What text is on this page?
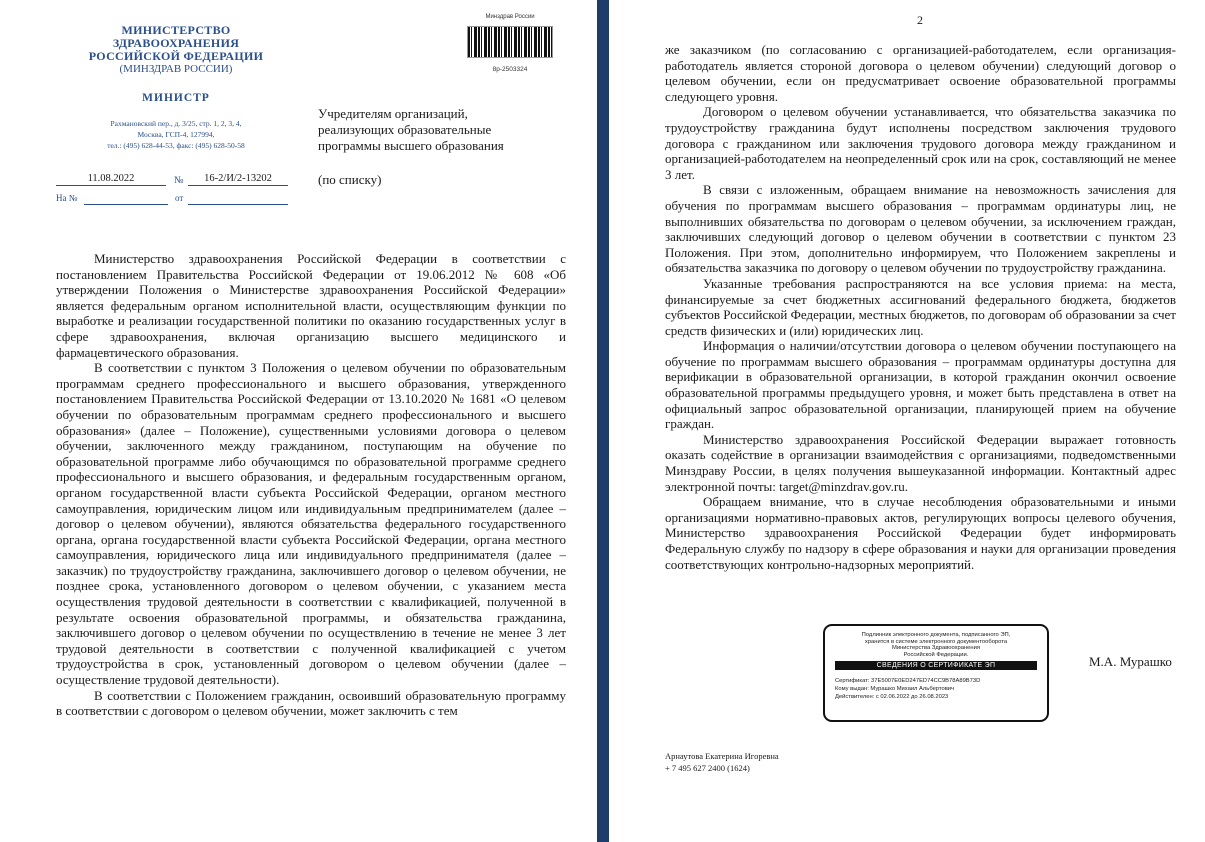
МИНИСТЕРСТВО
ЗДРАВООХРАНЕНИЯ
РОССИЙСКОЙ ФЕДЕРАЦИИ
(МИНЗДРАВ РОССИИ)
МИНИСТР
Рахмановский пер., д. 3/25, стр. 1, 2, 3, 4,
Москва, ГСП-4, 127994,
тел.: (495) 628-44-53, факс: (495) 628-50-58
11.08.2022	№	16-2/И/2-13202
На №	от
Минздрав России
8р-2503324
Учредителям организаций,
реализующих образовательные
программы высшего образования
(по списку)

Министерство здравоохранения Российской Федерации в соответствии с постановлением Правительства Российской Федерации от 19.06.2012 № 608 «Об утверждении Положения о Министерстве здравоохранения Российской Федерации» является федеральным органом исполнительной власти, осуществляющим функции по выработке и реализации государственной политики по оказанию государственных услуг в сфере здравоохранения, включая организацию высшего медицинского и фармацевтического образования.

В соответствии с пунктом 3 Положения о целевом обучении по образовательным программам среднего профессионального и высшего образования, утвержденного постановлением Правительства Российской Федерации от 13.10.2020 № 1681 «О целевом обучении по образовательным программам среднего профессионального и высшего образования» (далее – Положение), существенными условиями договора о целевом обучении, заключенного между гражданином, поступающим на обучение по образовательной программе либо обучающимся по образовательной программе среднего профессионального и высшего образования, и федеральным государственным органом, органом государственной власти субъекта Российской Федерации, органом местного самоуправления, юридическим лицом или индивидуальным предпринимателем (далее – договор о целевом обучении), являются обязательства федерального государственного органа, органа государственной власти субъекта Российской Федерации, органа местного самоуправления, юридического лица или индивидуального предпринимателя (далее – заказчик) по трудоустройству гражданина, заключившего договор о целевом обучении, не позднее срока, установленного договором о целевом обучении, с указанием места осуществления трудовой деятельности в соответствии с квалификацией, полученной в результате освоения образовательной программы, и обязательства гражданина, заключившего договор о целевом обучении по осуществлению в течение не менее 3 лет трудовой деятельности в соответствии с полученной квалификацией с учетом трудоустройства в срок, установленный договором о целевом обучении (далее – осуществление трудовой деятельности).

В соответствии с Положением гражданин, освоивший образовательную программу в соответствии с договором о целевом обучении, может заключить с тем

2

же заказчиком (по согласованию с организацией-работодателем, если организация-работодатель является стороной договора о целевом обучении) следующий договор о целевом обучении, если он предусматривает освоение образовательной программы следующего уровня.

Договором о целевом обучении устанавливается, что обязательства заказчика по трудоустройству гражданина будут исполнены посредством заключения трудового договора с гражданином или заключения трудового договора между гражданином и организацией-работодателем на неопределенный срок или на срок, составляющий не менее 3 лет.

В связи с изложенным, обращаем внимание на невозможность зачисления для обучения по программам высшего образования – программам ординатуры лиц, не выполнивших обязательства по договорам о целевом обучении, за исключением граждан, заключивших следующий договор о целевом обучении в соответствии с пунктом 23 Положения. При этом, дополнительно информируем, что Положением закреплены и обязательства заказчика по договору о целевом обучении по трудоустройству гражданина.

Указанные требования распространяются на все условия приема: на места, финансируемые за счет бюджетных ассигнований федерального бюджета, бюджетов субъектов Российской Федерации, местных бюджетов, по договорам об образовании за счет средств физических и (или) юридических лиц.

Информация о наличии/отсутствии договора о целевом обучении поступающего на обучение по программам высшего образования – программам ординатуры доступна для верификации в образовательной организации, в которой гражданин окончил освоение образовательной программы предыдущего уровня, и может быть представлена в ответ на официальный запрос образовательной организации, планирующей прием на обучение граждан.

Министерство здравоохранения Российской Федерации выражает готовность оказать содействие в организации взаимодействия с организациями, подведомственными Минздраву России, в целях получения вышеуказанной информации. Контактный адрес электронной почты: target@minzdrav.gov.ru.

Обращаем внимание, что в случае несоблюдения образовательными и иными организациями нормативно-правовых актов, регулирующих вопросы целевого обучения, Министерство здравоохранения Российской Федерации будет информировать Федеральную службу по надзору в сфере образования и науки для организации проведения соответствующих контрольно-надзорных мероприятий.

Подлинник электронного документа, подписанного ЭП,
хранится в системе электронного документооборота
Министерства Здравоохранения
Российской Федерации.
СВЕДЕНИЯ О СЕРТИФИКАТЕ ЭП
Сертификат: 37E5007E0ED247ED74CC9B78A89B73D
Кому выдан: Мурашко Михаил Альбертович
Действителен: с 02.06.2022 до 26.08.2023
М.А. Мурашко
Арнаутова Екатерина Игоревна
+ 7 495 627 2400 (1624)
